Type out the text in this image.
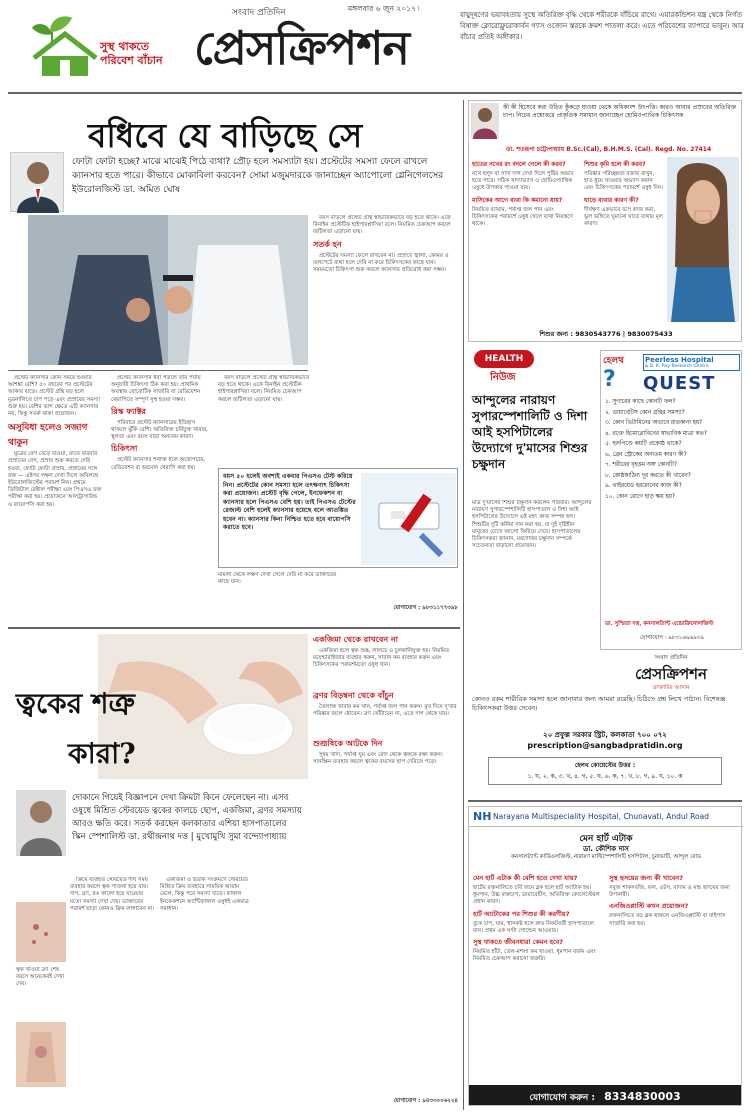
সুস্থ থাকতে
পরিবেশ বাঁচান
সংবাদ প্রতিদিন	মঙ্গলবার ৬ জুন ২০১৭ ৷
প্রেসক্রিপশন
বায়ুদূষণের ভয়াবহতায় সুস্থে অতিরিক্ত বৃদ্ধি থেকে শরীরকে বাঁচিয়ে রাখে। এয়ারকন্ডিশন যন্ত্র থেকে নির্গত বিষাক্ত ক্লোরোফ্লুরোকার্বন গ্যাস ওজোন স্তরকে ক্রমশ পাতলা করে। এতে পরিবেশের ব্যাপারে ভাবুন। আর বাঁচার প্রতিই অঙ্গীকার।
বধিবে যে বাড়িছে সে
ফোটা ফোটা হচ্ছে? মাঝে মাঝেই পিঠে ব্যথা? প্রৌঢ় হলে সমস্যাটা হয়। প্রস্টেটের সমস্যা ফেলে রাখলে ক্যানসার হতে পারে। কীভাবে মোকাবিলা করবেন? সোমা মজুমদারকে জানাচ্ছেন অ্যাপোলো গ্লেনিগেলসের ইউরোলজিস্ট ডা. অমিত ঘোষ
প্রস্টেট ক্যানসার কোন সময়ে হওয়ার আশঙ্কা বেশি? ৫০ বছরের পর প্রস্টেটের আকার বাড়ে। প্রস্টেট গ্রন্থি বড় হলে মূত্রনালিতে চাপ পড়ে এবং প্রস্রাবের সমস্যা শুরু হয়। বেশির ভাগ ক্ষেত্রে এটি ক্যানসার নয়, কিন্তু সতর্ক থাকা প্রয়োজন।
অসুবিধা হলেও সজাগ থাকুন
মূত্রের বেগ বেড়ে যাওয়া, রাতে বারবার প্রস্রাবের বেগ, প্রস্রাব শুরু করতে দেরি হওয়া, ফোটা ফোটা প্রস্রাব, প্রস্রাবের সঙ্গে রক্ত — এইসব লক্ষণ দেখা দিলে অবিলম্বে ইউরোলজিস্টের পরামর্শ নিন। প্রথমে ডিজিটাল রেক্টাল পরীক্ষা এবং পিএসএ রক্ত পরীক্ষা করা হয়। প্রয়োজনে আলট্রাসাউন্ড ও বায়োপসি করা হয়।
প্রস্টেট ক্যানসার ধরা পড়লে তার পর্যায় অনুযায়ী চিকিৎসা ঠিক করা হয়। প্রাথমিক অবস্থায় রোবোটিক সার্জারি বা রেডিয়েশন থেরাপিতে সম্পূর্ণ সুস্থ হওয়া সম্ভব।
রিস্ক ফ্যাক্টর
পরিবারে প্রস্টেট ক্যানসারের ইতিহাস থাকলে ঝুঁকি বেশি। অতিরিক্ত চর্বিযুক্ত খাবার, স্থূলতা এবং বয়স বাড়া অন্যতম কারণ।
চিকিৎসা
প্রস্টেট ক্যানসার শনাক্ত হলে অস্ত্রোপচার, রেডিয়েশন বা হরমোন থেরাপি করা হয়।
বয়স বাড়লে প্রস্টেট গ্রন্থি স্বাভাবিকভাবে বড় হতে থাকে। একে বিনাইন প্রস্টেটিক হাইপারপ্লাসিয়া বলে। নিয়মিত চেকআপ করলে জটিলতা এড়ানো যায়।
বয়স বাড়লে প্রস্টেট গ্রন্থি স্বাভাবিকভাবে বড় হতে থাকে। একে বিনাইন প্রস্টেটিক হাইপারপ্লাসিয়া বলে। নিয়মিত চেকআপ করলে জটিলতা এড়ানো যায়।
সতর্ক হন
প্রস্টেটের সমস্যা ফেলে রাখবেন না। প্রস্রাবে জ্বালা, কোমর ও তলপেটে ব্যথা হলে দেরি না করে চিকিৎসকের কাছে যান। সময়মতো চিকিৎসা শুরু করলে ক্যানসার প্রতিরোধ করা সম্ভব।
বয়স ৫০ হলেই অবশ্যই একবার পিএসএ টেস্ট করিয়ে নিন। প্রস্টেটের কোন সমস্যা হলে তৎক্ষণাৎ চিকিৎসা করা প্রয়োজন। প্রস্টেট বৃদ্ধি পেলে, ইনফেকশন বা ক্যানসার হলে পিএসএ বেশি হয়। তাই পিএসএ টেস্টের রেজাল্ট বেশি হলেই ক্যানসার হয়েছে বলে আতঙ্কিত হবেন না। ক্যানসার কিনা নিশ্চিত হতে হবে বায়োপসি করাতে হবে।
মামলা থেকে লক্ষণ দেখা গেলে দেরি না করে ডাক্তারের কাছে যান।
যোগাযোগ : ৯৮৩১১৭৭৩৯৮
ত্বকের শত্রু
কারা?
দোকানে গিয়েই বিজ্ঞাপনে দেখা ক্রিমটা কিনে ফেলেছেন না। এসব ওষুধে মিশ্রিত স্টেরয়েড ত্বকের কালচে ছোপ, একজিমা, ব্রণর সমস্যায় আরও ক্ষতি করে। সতর্ক করছেন কলকাতার এশিয়া হাসপাতালের স্কিন স্পেশালিস্ট ডা. রথীন্দ্রনাথ দত্ত | মুখোমুখি সুমা বন্দ্যোপাধ্যায়
ত্বক খাওয়া ব্রণ শেষ বয়সে অনেকেরই দেখা দেয়।
ক্রিমে ব্যবহৃত স্টেরয়েড দীর্ঘ সময় ব্যবহার করলে ত্বক পাতলা হয়ে যায়। দাগ, ব্রণ, রঙ কালো হয়ে যাওয়ার মতো সমস্যা দেখা দেয়। ডাক্তারের পরামর্শ ছাড়া কোনও ক্রিম লাগাবেন না।
একজিমা ও ছত্রাক সংক্রমণে স্টেরয়েড মিশ্রিত ক্রিম ব্যবহারে সাময়িক আরাম মেলে, কিন্তু পরে সমস্যা বাড়ে। ফাঙ্গাল ইনফেকশনে অ্যান্টিফাঙ্গাল ওষুধই একমাত্র সমাধান।
একজিমা থেকে রাখবেন না
একজিমা হলে ত্বক শুষ্ক, লালচে ও চুলকানিযুক্ত হয়। নিয়মিত ময়েশ্চারাইজার ব্যবহার করুন, সাবান কম ব্যবহার করুন এবং চিকিৎসকের পরামর্শমতো ওষুধ খান।
ব্রণর বিড়ম্বনা থেকে বাঁচুন
তৈলাক্ত খাবার কম খান, পর্যাপ্ত জল পান করুন। মুখ দিনে দু'বার পরিষ্কার জলে ধোবেন। ব্রণ খোঁটাবেন না, এতে দাগ থেকে যায়।
শুশ্রূষিকে আটকে দিন
সুষম খাদ্য, পর্যাপ্ত ঘুম এবং রোদ থেকে ত্বককে রক্ষা করুন। সানস্ক্রিন ব্যবহার করলে ত্বকের বয়সের ছাপ দেরিতে পড়ে।
যোগাযোগ : ৯৪৩৩০০৬২২৪
কী কী হিসেবে করা উচিত কুঁকড়ে যাওয়া থেকে অধিকাংশ উৎপত্তি। কারও আবার প্রস্রাবের অতিরিক্ত চাপ। নিচের প্রশ্নোত্তরে প্রাকৃতিক সমাধান জানাচ্ছেন হোমিওপ্যাথিক চিকিৎসক
ডা. শতরূপা চট্টোপাধ্যায় B.Sc.(Cal), B.H.M.S. (Cal). Regd. No. 27414
হাতের নখের রং বদলে গেলে কী করব?
নখে হলুদ বা সাদা দাগ দেখা দিলে পুষ্টির অভাব হতে পারে। সঠিক খাদ্যাভ্যাস ও হোমিওপ্যাথিক ওষুধে উপকার পাওয়া যায়।
মাসিকের আগে ব্যথা কি কমানো যায়?
নিয়মিত ব্যায়াম, পর্যাপ্ত জল পান এবং চিকিৎসকের পরামর্শে ওষুধ খেলে ব্যথা নিয়ন্ত্রণে থাকে।
শিশুর কৃমি হলে কী করব?
পরিষ্কার পরিচ্ছন্নতা বজায় রাখুন, হাত ধুয়ে খাওয়ার অভ্যাস করান এবং চিকিৎসকের পরামর্শে ওষুধ দিন।
ঘাড়ে ব্যথার কারণ কী?
দীর্ঘক্ষণ একভাবে বসে কাজ করা, ভুল ভঙ্গিতে ঘুমানো ঘাড়ে ব্যথার মূল কারণ।
শিশুর জন্য : 9830543776 | 9830075433
HEALTH
নিউজ
আন্দুলের নারায়ণ সুপারস্পেশালিটি ও দিশা আই হসপিটালের উদ্যোগে দু'মাসের শিশুর চক্ষুদান
মাত্র দু'মাসের শিশুর চক্ষুদান করলেন পরিবার। আন্দুলের নারায়ণ সুপারস্পেশালিটি হাসপাতাল ও দিশা আই হসপিটালের উদ্যোগে এই মহৎ কাজ সম্পন্ন হল। শিশুটির দুটি কর্নিয়া দান করা হয়, যা দুই দৃষ্টিহীন মানুষের চোখে আলো ফিরিয়ে দেবে। হাসপাতালের চিকিৎসকরা জানান, মরণোত্তর চক্ষুদান সম্পর্কে সচেতনতা বাড়ানো প্রয়োজন।
হেলথ
?
Peerless Hospital
& B. K. Roy Research Centre
QUEST
১. সুগারের কাছে কোনটি ফল?
২. ডায়াবেটিস কোন গ্রন্থির সমস্যা?
৩. কোন ভিটামিনের অভাবে রাতকানা হয়?
৪. রক্তে হিমোগ্লোবিনের স্বাভাবিক মাত্রা কত?
৫. হৃদপিণ্ডে কয়টি প্রকোষ্ঠ থাকে?
৬. ব্রেন স্ট্রোকের অন্যতম কারণ কী?
৭. শরীরের বৃহত্তম অঙ্গ কোনটি?
৮. কোষ্ঠকাঠিন্য দূর করতে কী খাবেন?
৯. থাইরয়েড হরমোনের কাজ কী?
১০. কোন রোগে হাড় ক্ষয় হয়?
ডা. সুস্মিতা দত্ত, কনসালট্যান্ট এন্ডোক্রিনোলজিস্ট
যোগাযোগ : ৯৮৩১৬৯৬৯৩৯
সংবাদ প্রতিদিন
প্রেসক্রিপশন
ডাক্তারির আসান
কোনও রকম শারীরিক সমস্যা হলে জানাবার জন্য আমরা রয়েছি। চিঠিতে প্রশ্ন লিখে পাঠান। বিশেষজ্ঞ চিকিৎসকরা উত্তর দেবেন।
২০ প্রফুল্ল সরকার স্ট্রিট, কলকাতা ৭০০ ০৭২
prescription@sangbadpratidin.org
হেলথ কোয়েস্টের উত্তর :
১. ঘ, ২. ক, ৩. খ, ৪. গ, ৫. ঘ, ৬. ক, ৭. খ, ৮. গ, ৯. ঘ, ১০. ক
NH Narayana Multispeciality Hospital, Chunavati, Andul Road
মেন হার্ট এটাক
ডা. কৌশিক দাস
কনসালট্যান্ট কার্ডিওলজিস্ট, নারায়ণ মাল্টিস্পেশালিটি হসপিটাল, চুনাভাটি, আন্দুল রোড
মেন হার্ট এটাক কী বেশি হতে দেখা যায়?
হার্টের রক্তনালিতে চর্বি জমে ব্লক হলে হার্ট অ্যাটাক হয়। ধূমপান, উচ্চ রক্তচাপ, ডায়াবেটিস, অতিরিক্ত কোলেস্টেরল প্রধান কারণ।
হার্ট অ্যাটাকের পর শিশুর কী করণীয়?
বুকে চাপ, ঘাম, শ্বাসকষ্ট হলে দ্রুত নিকটবর্তী হাসপাতালে যান। প্রথম এক ঘণ্টা গোল্ডেন আওয়ার।
সুস্থ থাকতে জীবনধারা কেমন হবে?
নিয়মিত হাঁটা, তেল-মশলা কম খাওয়া, ধূমপান বর্জন এবং নিয়মিত চেকআপ করানো জরুরি।
সুস্থ হৃদয়ের জন্য কী খাবেন?
সবুজ শাকসবজি, ফল, ওটস, বাদাম ও মাছ হৃদয়ের জন্য উপকারী।
এনজিওপ্লাস্টি কখন প্রয়োজন?
রক্তনালিতে বড় ব্লক থাকলে এনজিওপ্লাস্টি বা বাইপাস সার্জারি করা হয়।
যোগাযোগ করুন : 8334830003
